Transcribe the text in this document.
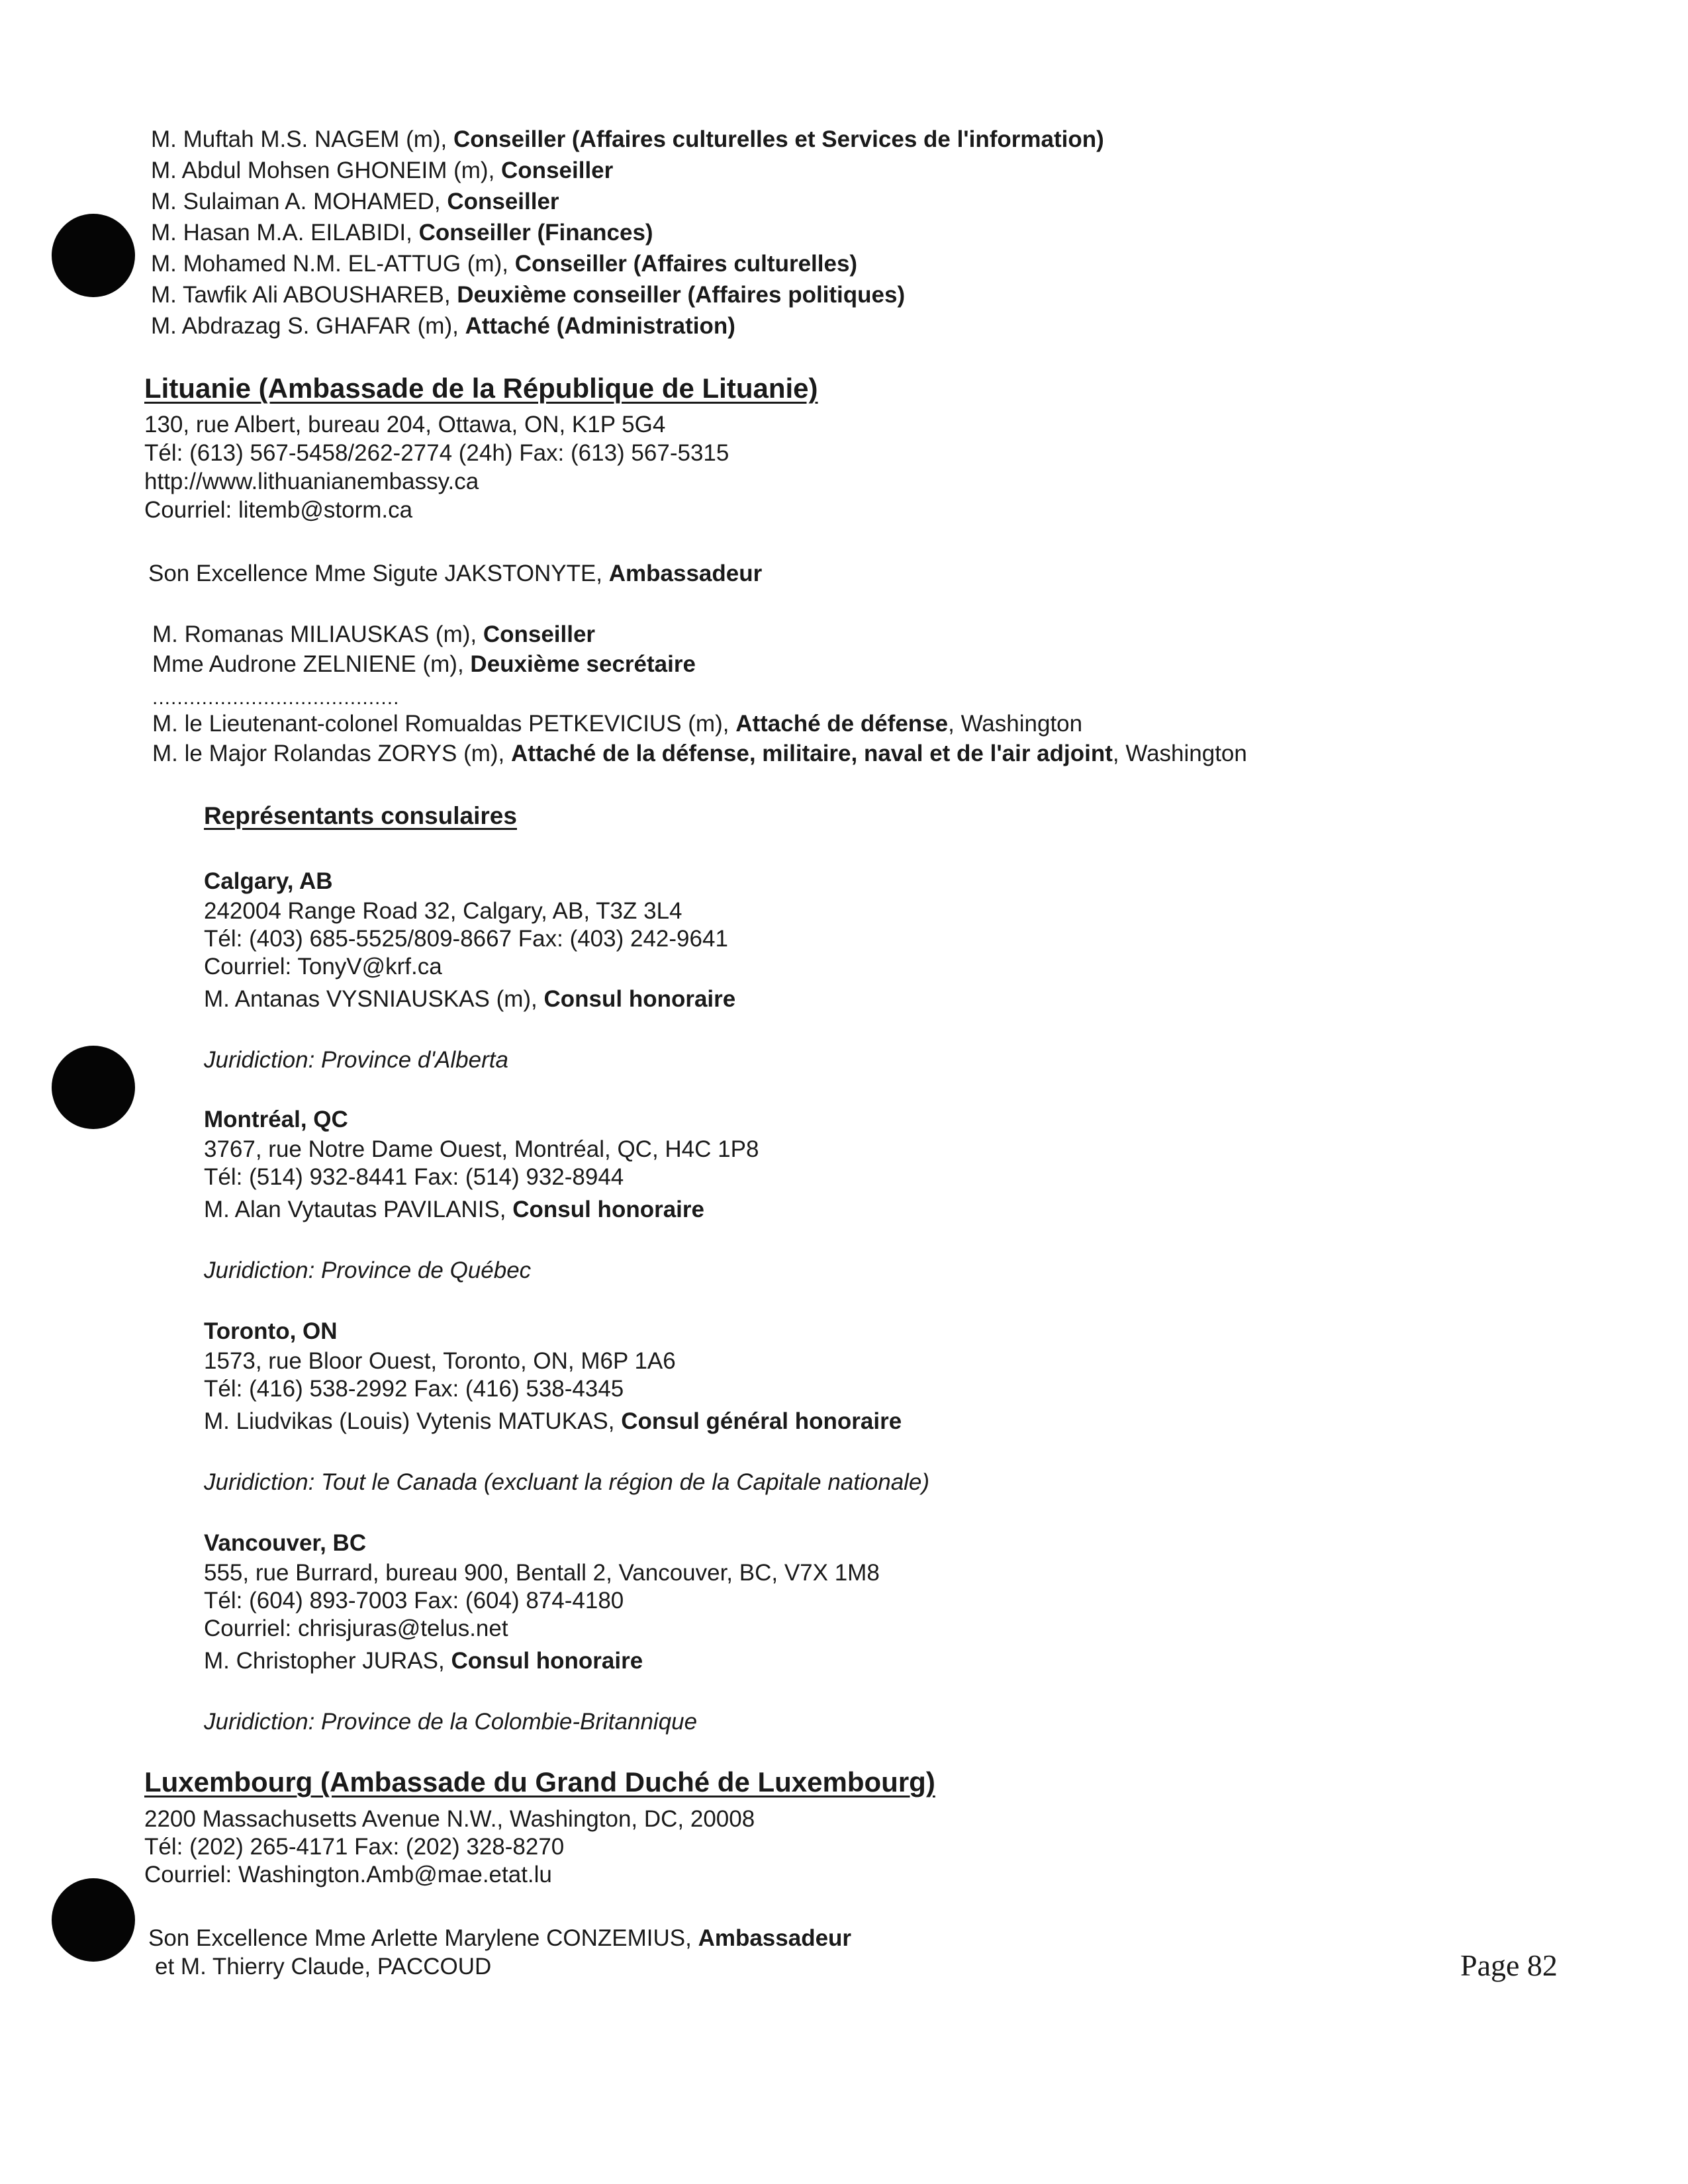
M. Muftah M.S. NAGEM (m), Conseiller (Affaires culturelles et Services de l'information)
M. Abdul Mohsen GHONEIM (m), Conseiller
M. Sulaiman A. MOHAMED, Conseiller
M. Hasan M.A. EILABIDI, Conseiller (Finances)
M. Mohamed N.M. EL-ATTUG (m), Conseiller (Affaires culturelles)
M. Tawfik Ali ABOUSHAREB, Deuxième conseiller (Affaires politiques)
M. Abdrazag S. GHAFAR (m), Attaché (Administration)
Lituanie (Ambassade de la République de Lituanie)
130, rue Albert, bureau 204, Ottawa, ON, K1P 5G4
Tél: (613) 567-5458/262-2774 (24h) Fax: (613) 567-5315
http://www.lithuanianembassy.ca
Courriel: litemb@storm.ca
Son Excellence Mme Sigute JAKSTONYTE, Ambassadeur
M. Romanas MILIAUSKAS (m), Conseiller
Mme Audrone ZELNIENE (m), Deuxième secrétaire
........................................
M. le Lieutenant-colonel Romualdas PETKEVICIUS (m), Attaché de défense, Washington
M. le Major Rolandas ZORYS (m), Attaché de la défense, militaire, naval et de l'air adjoint, Washington
Représentants consulaires
Calgary, AB
242004 Range Road 32, Calgary, AB, T3Z 3L4
Tél: (403) 685-5525/809-8667 Fax: (403) 242-9641
Courriel: TonyV@krf.ca
M. Antanas VYSNIAUSKAS (m), Consul honoraire
Juridiction: Province d'Alberta
Montréal, QC
3767, rue Notre Dame Ouest, Montréal, QC, H4C 1P8
Tél: (514) 932-8441 Fax: (514) 932-8944
M. Alan Vytautas PAVILANIS, Consul honoraire
Juridiction: Province de Québec
Toronto, ON
1573, rue Bloor Ouest, Toronto, ON, M6P 1A6
Tél: (416) 538-2992 Fax: (416) 538-4345
M. Liudvikas (Louis) Vytenis MATUKAS, Consul général honoraire
Juridiction: Tout le Canada (excluant la région de la Capitale nationale)
Vancouver, BC
555, rue Burrard, bureau 900, Bentall 2, Vancouver, BC, V7X 1M8
Tél: (604) 893-7003 Fax: (604) 874-4180
Courriel: chrisjuras@telus.net
M. Christopher JURAS, Consul honoraire
Juridiction: Province de la Colombie-Britannique
Luxembourg (Ambassade du Grand Duché de Luxembourg)
2200 Massachusetts Avenue N.W., Washington, DC, 20008
Tél: (202) 265-4171 Fax: (202) 328-8270
Courriel: Washington.Amb@mae.etat.lu
Son Excellence Mme Arlette Marylene CONZEMIUS, Ambassadeur
et M. Thierry Claude, PACCOUD	Page 82
